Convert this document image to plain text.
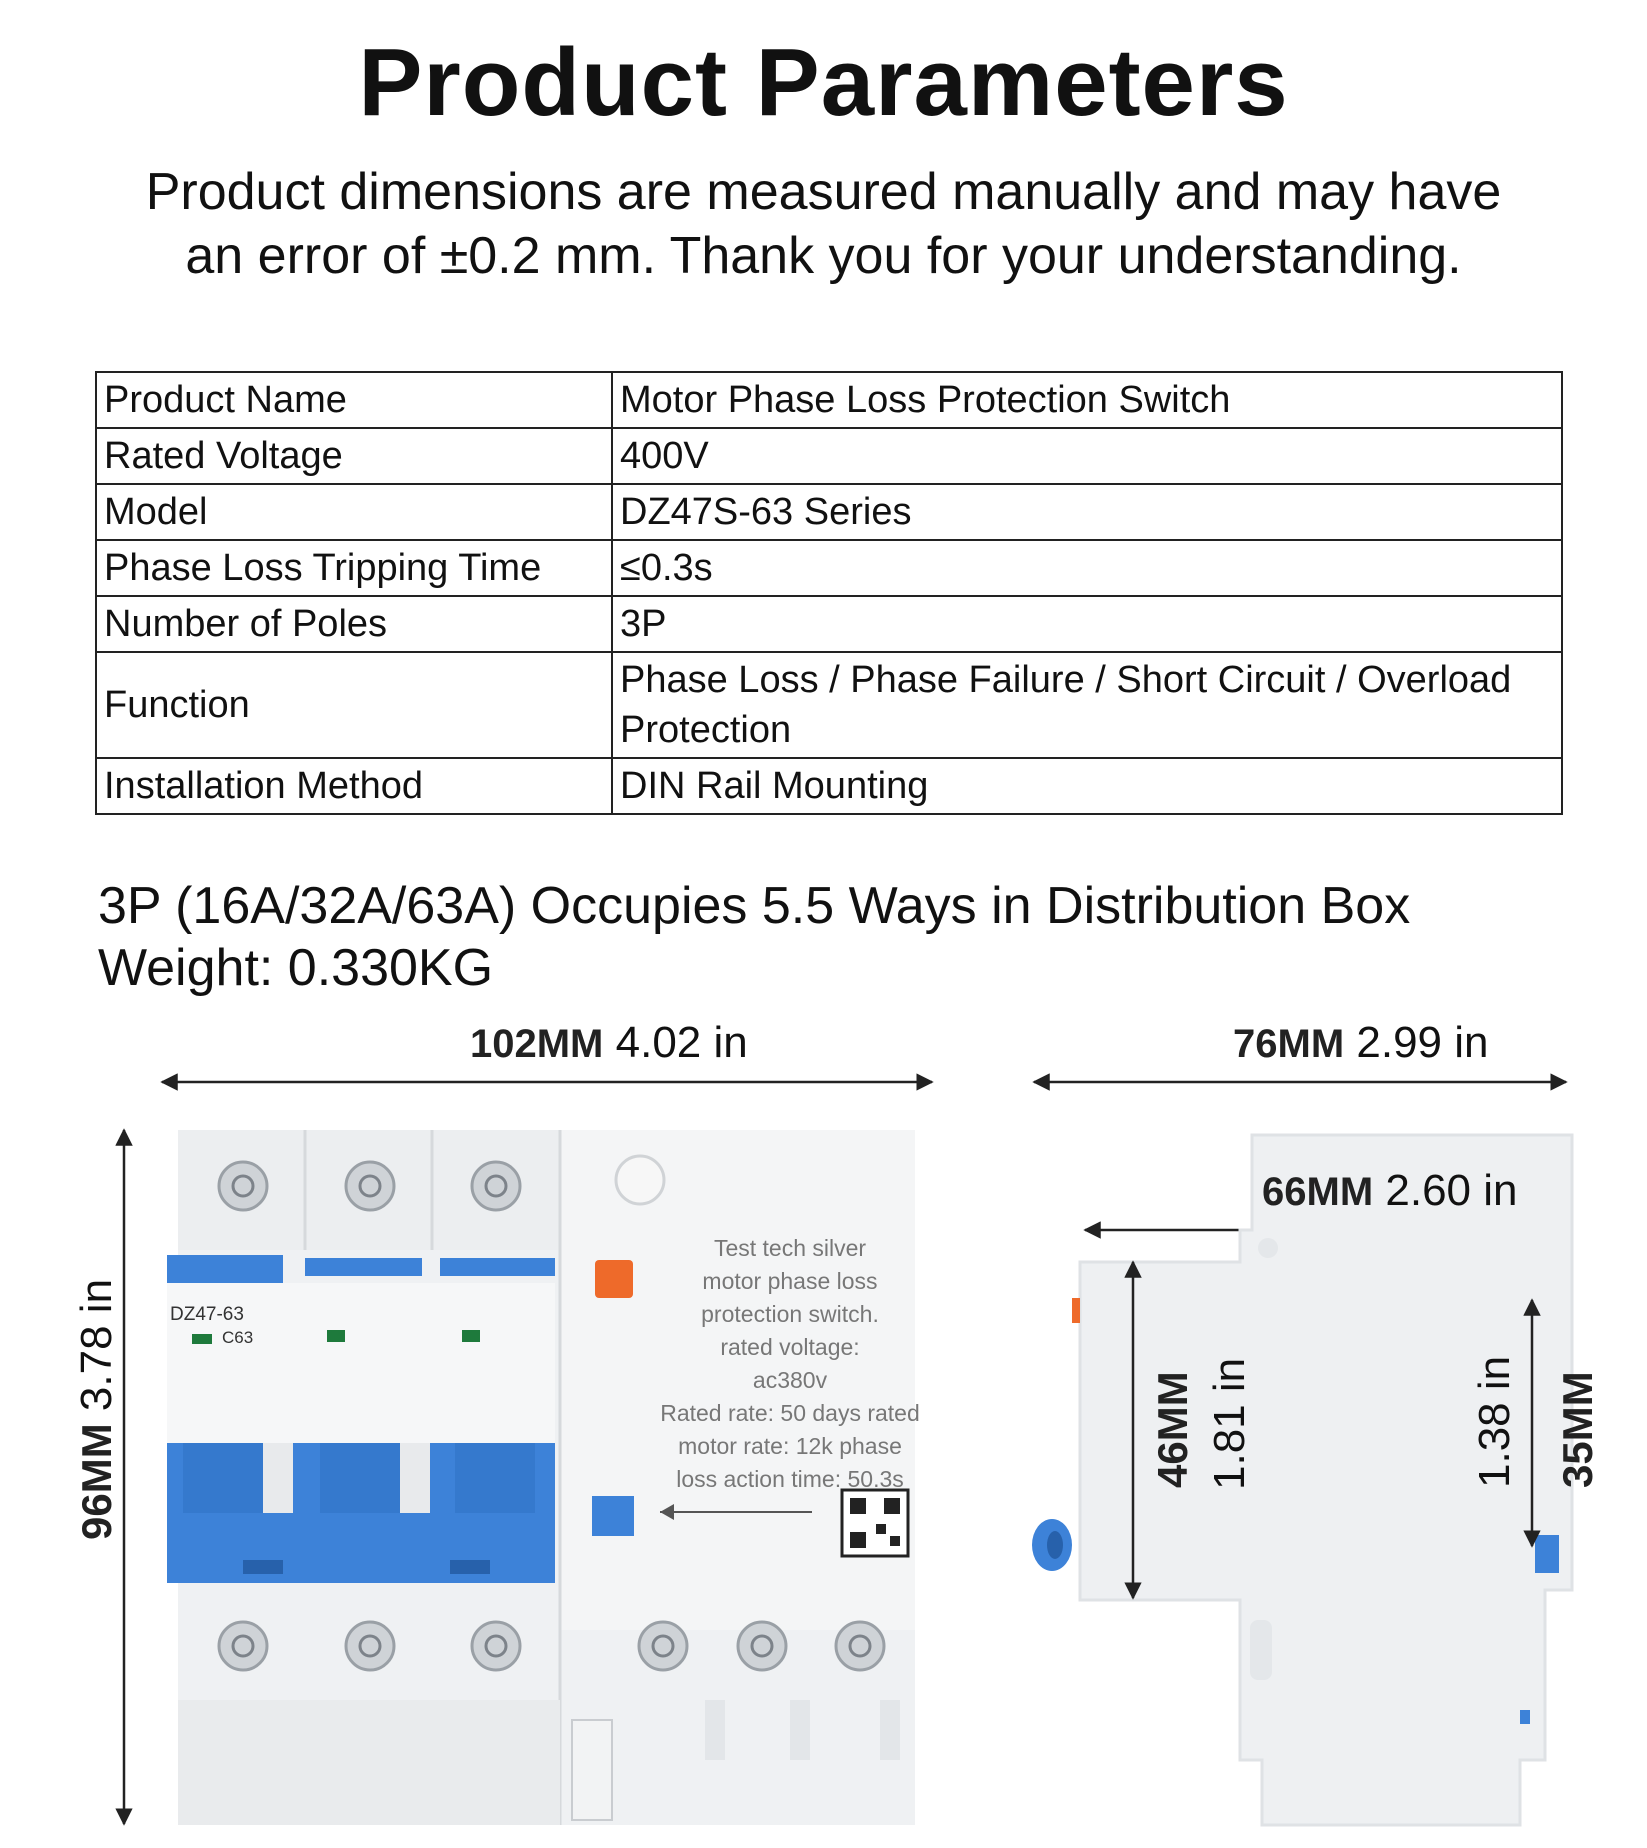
Product Parameters
Product dimensions are measured manually and may have
an error of ±0.2 mm. Thank you for your understanding.
Product Name	Motor Phase Loss Protection Switch
Rated Voltage	400V
Model	DZ47S-63 Series
Phase Loss Tripping Time	≤0.3s
Number of Poles	3P
Function	Phase Loss / Phase Failure / Short Circuit / Overload Protection
Installation Method	DIN Rail Mounting
3P (16A/32A/63A) Occupies 5.5 Ways in Distribution Box
Weight: 0.330KG
DZ47-63
C63
Test tech silver
motor phase loss
protection switch.
rated voltage:
ac380v
Rated rate: 50 days rated
motor rate: 12k phase
loss action time: 50.3s
102MM 4.02 in	76MM 2.99 in
66MM 2.60 in
96MM 3.78 in
46MM 1.81 in	1.38 in 35MM
